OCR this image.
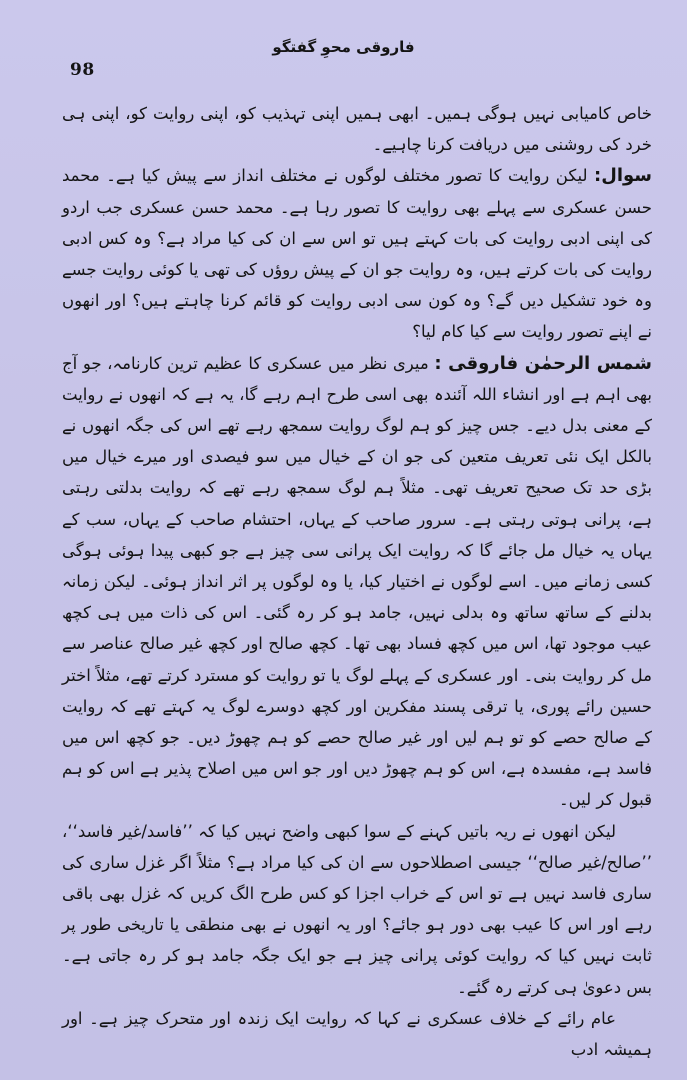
98
فاروقی محوِ گفتگو

خاص کامیابی نہیں ہوگی ہمیں۔ ابھی ہمیں اپنی تہذیب کو، اپنی روایت کو، اپنی ہی خرد کی روشنی میں دریافت کرنا چاہیے۔

سوال: لیکن روایت کا تصور مختلف لوگوں نے مختلف انداز سے پیش کیا ہے۔ محمد حسن عسکری سے پہلے بھی روایت کا تصور رہا ہے۔ محمد حسن عسکری جب اردو کی اپنی ادبی روایت کی بات کہتے ہیں تو اس سے ان کی کیا مراد ہے؟ وہ کس ادبی روایت کی بات کرتے ہیں، وہ روایت جو ان کے پیش روؤں کی تھی یا کوئی روایت جسے وہ خود تشکیل دیں گے؟ وہ کون سی ادبی روایت کو قائم کرنا چاہتے ہیں؟ اور انھوں نے اپنے تصور روایت سے کیا کام لیا؟

شمس الرحمٰن فاروقی : میری نظر میں عسکری کا عظیم ترین کارنامہ، جو آج بھی اہم ہے اور انشاء اللہ آئندہ بھی اسی طرح اہم رہے گا، یہ ہے کہ انھوں نے روایت کے معنی بدل دیے۔ جس چیز کو ہم لوگ روایت سمجھ رہے تھے اس کی جگہ انھوں نے بالکل ایک نئی تعریف متعین کی جو ان کے خیال میں سو فیصدی اور میرے خیال میں بڑی حد تک صحیح تعریف تھی۔ مثلاً ہم لوگ سمجھ رہے تھے کہ روایت بدلتی رہتی ہے، پرانی ہوتی رہتی ہے۔ سرور صاحب کے یہاں، احتشام صاحب کے یہاں، سب کے یہاں یہ خیال مل جائے گا کہ روایت ایک پرانی سی چیز ہے جو کبھی پیدا ہوئی ہوگی کسی زمانے میں۔ اسے لوگوں نے اختیار کیا، یا وہ لوگوں پر اثر انداز ہوئی۔ لیکن زمانہ بدلنے کے ساتھ ساتھ وہ بدلی نہیں، جامد ہو کر رہ گئی۔ اس کی ذات میں ہی کچھ عیب موجود تھا، اس میں کچھ فساد بھی تھا۔ کچھ صالح اور کچھ غیر صالح عناصر سے مل کر روایت بنی۔ اور عسکری کے پہلے لوگ یا تو روایت کو مسترد کرتے تھے، مثلاً اختر حسین رائے پوری، یا ترقی پسند مفکرین اور کچھ دوسرے لوگ یہ کہتے تھے کہ روایت کے صالح حصے کو تو ہم لیں اور غیر صالح حصے کو ہم چھوڑ دیں۔ جو کچھ اس میں فاسد ہے، مفسدہ ہے، اس کو ہم چھوڑ دیں اور جو اس میں اصلاح پذیر ہے اس کو ہم قبول کر لیں۔

لیکن انھوں نے ریہ باتیں کہنے کے سوا کبھی واضح نہیں کیا کہ ’’فاسد/غیر فاسد‘‘، ’’صالح/غیر صالح‘‘ جیسی اصطلاحوں سے ان کی کیا مراد ہے؟ مثلاً اگر غزل ساری کی ساری فاسد نہیں ہے تو اس کے خراب اجزا کو کس طرح الگ کریں کہ غزل بھی باقی رہے اور اس کا عیب بھی دور ہو جائے؟ اور یہ انھوں نے بھی منطقی یا تاریخی طور پر ثابت نہیں کیا کہ روایت کوئی پرانی چیز ہے جو ایک جگہ جامد ہو کر رہ جاتی ہے۔ بس دعویٰ ہی کرتے رہ گئے۔

عام رائے کے خلاف عسکری نے کہا کہ روایت ایک زندہ اور متحرک چیز ہے۔ اور ہمیشہ ادب
